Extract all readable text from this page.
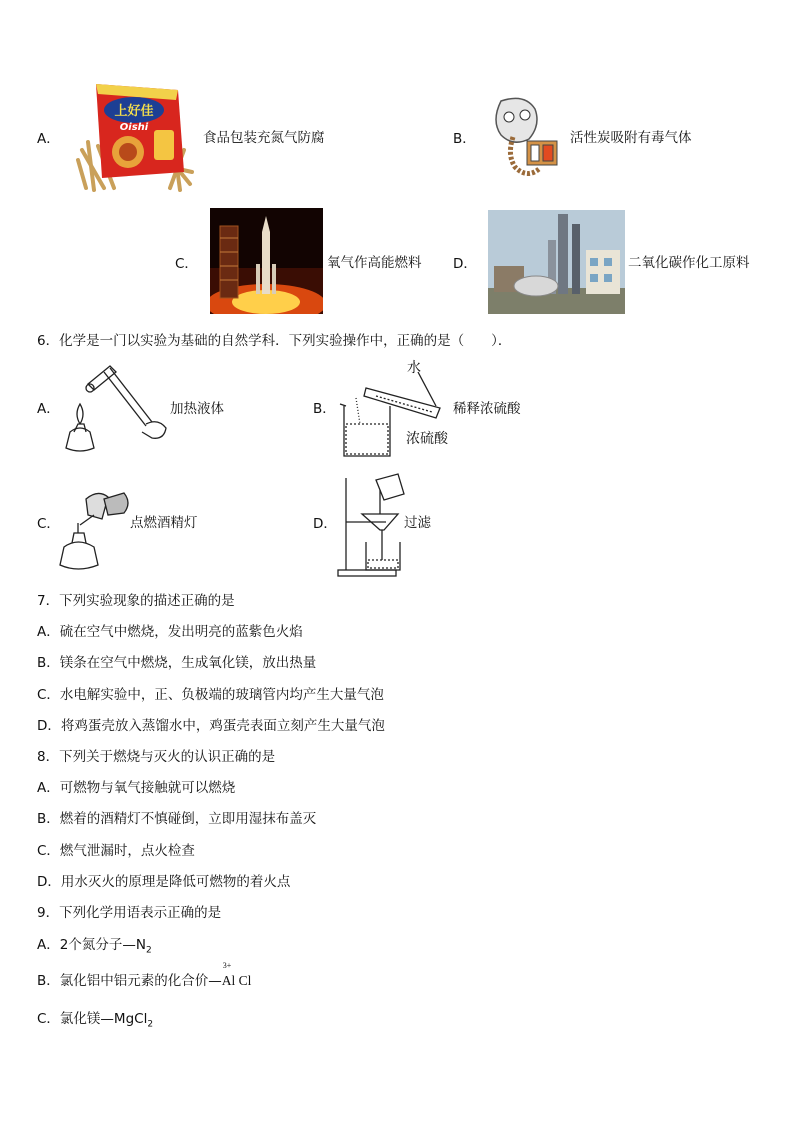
A．
上好佳
Oishi
食品包装充氮气防腐	B．	活性炭吸附有毒气体
C．	氧气作高能燃料 D．	二氧化碳作化工原料
6．化学是一门以实验为基础的自然学科．下列实验操作中，正确的是（　　）．
A．	加热液体	B．
水
浓硫酸
稀释浓硫酸
C．	点燃酒精灯	D．	过滤
7．下列实验现象的描述正确的是
A．硫在空气中燃烧，发出明亮的蓝紫色火焰
B．镁条在空气中燃烧，生成氧化镁，放出热量
C．水电解实验中，正、负极端的玻璃管内均产生大量气泡
D．将鸡蛋壳放入蒸馏水中，鸡蛋壳表面立刻产生大量气泡
8．下列关于燃烧与灭火的认识正确的是
A．可燃物与氧气接触就可以燃烧
B．燃着的酒精灯不慎碰倒，立即用湿抹布盖灭
C．燃气泄漏时，点火检查
D．用水灭火的原理是降低可燃物的着火点
9．下列化学用语表示正确的是
A．2个氮分子$—N_2$
B．氯化铝中铝元素的化合价—
3+
Al Cl
C．氯化镁—MgCl$_2$
